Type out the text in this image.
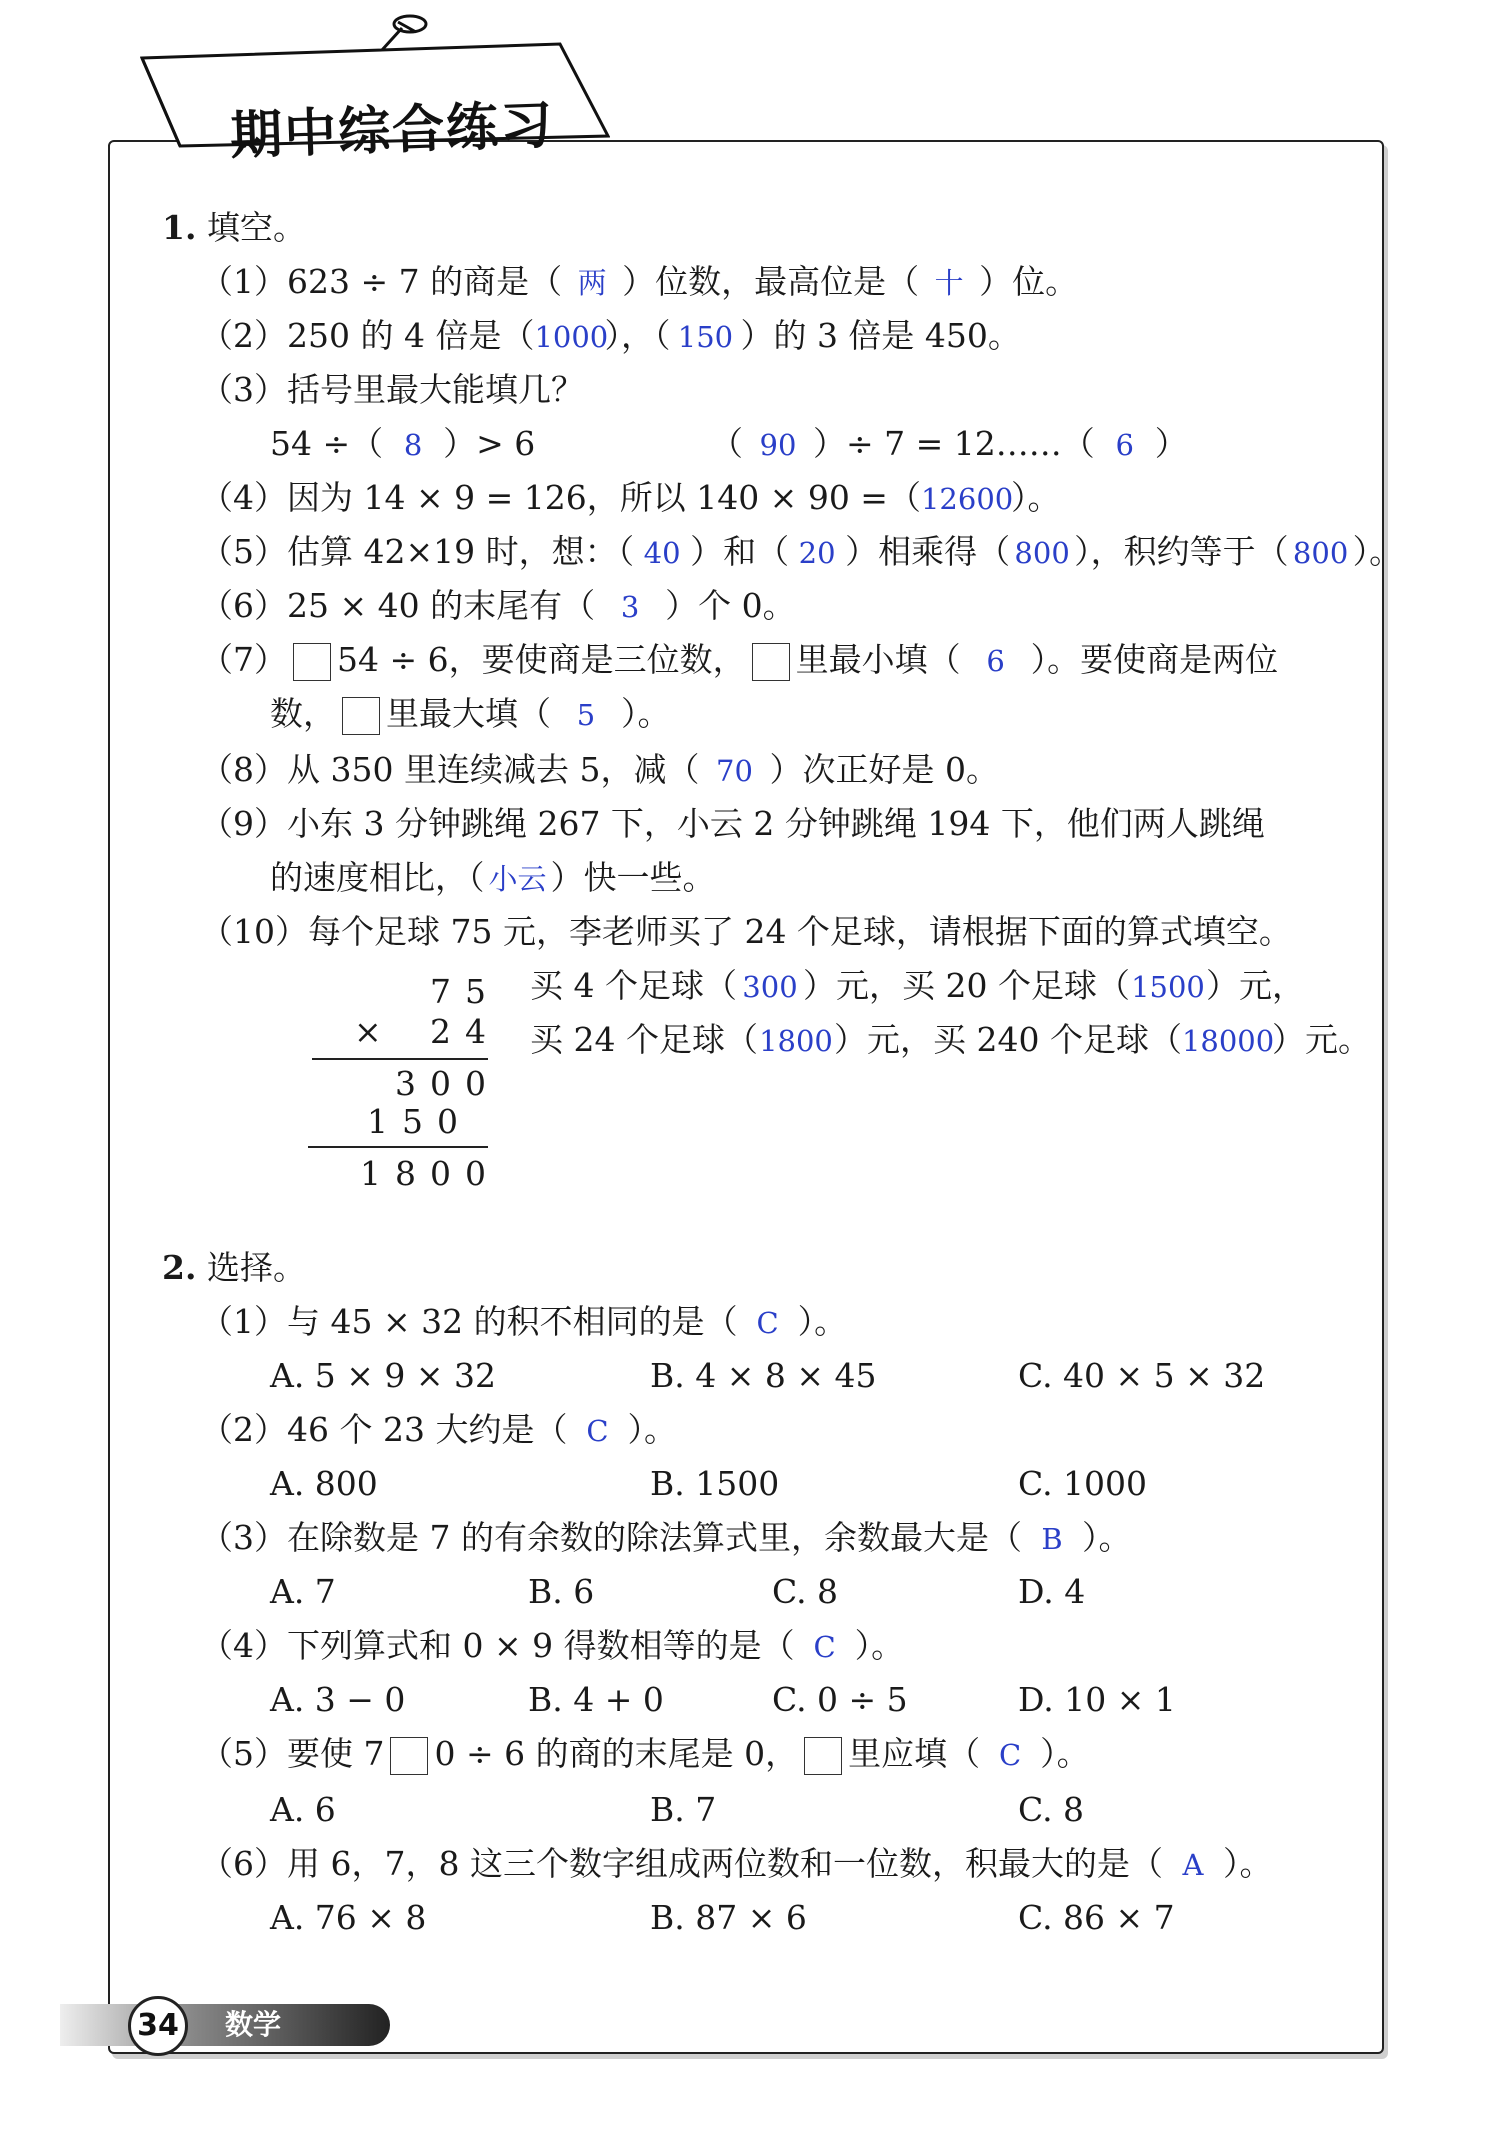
期中综合练习
1. 填空。
（1）623 ÷ 7 的商是（ 两 ）位数，最高位是（ 十 ）位。
（2）250 的 4 倍是（1000），（ 150 ）的 3 倍是 450。
（3）括号里最大能填几？
54 ÷（ 8 ）> 6	（ 90 ）÷ 7 = 12……（ 6 ）
（4）因为 14 × 9 = 126，所以 140 × 90 =（12600）。
（5）估算 42×19 时，想：（ 40 ）和（ 20 ）相乘得（ 800 ），积约等于（ 800 ）。
（6）25 × 40 的末尾有（ 3 ）个 0。
（7） 54 ÷ 6，要使商是三位数， 里最小填（ 6 ）。要使商是两位
数， 里最大填（ 5 ）。
（8）从 350 里连续减去 5，减（ 70 ）次正好是 0。
（9）小东 3 分钟跳绳 267 下，小云 2 分钟跳绳 194 下，他们两人跳绳
的速度相比，（ 小云 ）快一些。
（10）每个足球 75 元，李老师买了 24 个足球，请根据下面的算式填空。
买 4 个足球（ 300 ）元，买 20 个足球（1500）元，
买 24 个足球（1800）元，买 240 个足球（18000）元。
75
× 24
300
150
1800
2. 选择。
（1）与 45 × 32 的积不相同的是（ C ）。
A. 5 × 9 × 32	B. 4 × 8 × 45	C. 40 × 5 × 32
（2）46 个 23 大约是（ C ）。
A. 800	B. 1500	C. 1000
（3）在除数是 7 的有余数的除法算式里，余数最大是（ B ）。
A. 7	B. 6	C. 8	D. 4
（4）下列算式和 0 × 9 得数相等的是（ C ）。
A. 3 − 0	B. 4 + 0	C. 0 ÷ 5	D. 10 × 1
（5）要使 7 0 ÷ 6 的商的末尾是 0， 里应填（ C ）。
A. 6	B. 7	C. 8
（6）用 6，7，8 这三个数字组成两位数和一位数，积最大的是（ A ）。
A. 76 × 8	B. 87 × 6	C. 86 × 7
34	数学
